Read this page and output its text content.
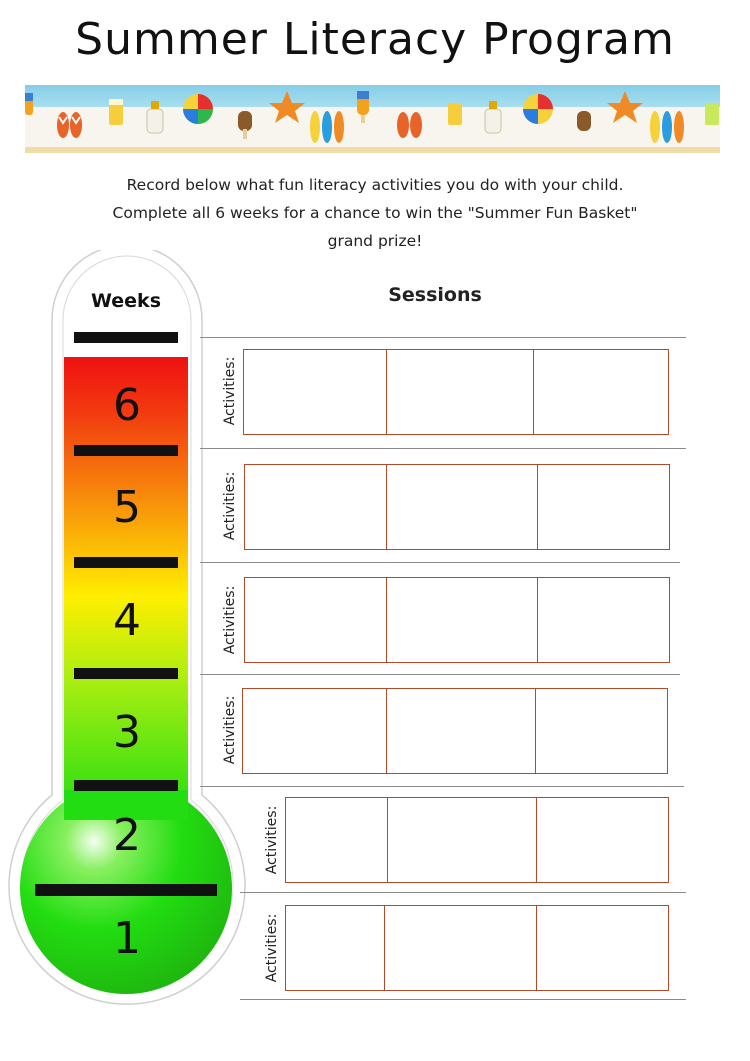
Summer Literacy Program
Record below what fun literacy activities you do with your child.
Complete all 6 weeks for a chance to win the "Summer Fun Basket"
grand prize!
Sessions
Weeks
6
5
4
3
2
1
Activities:
Activities:
Activities:
Activities:
Activities:
Activities:
